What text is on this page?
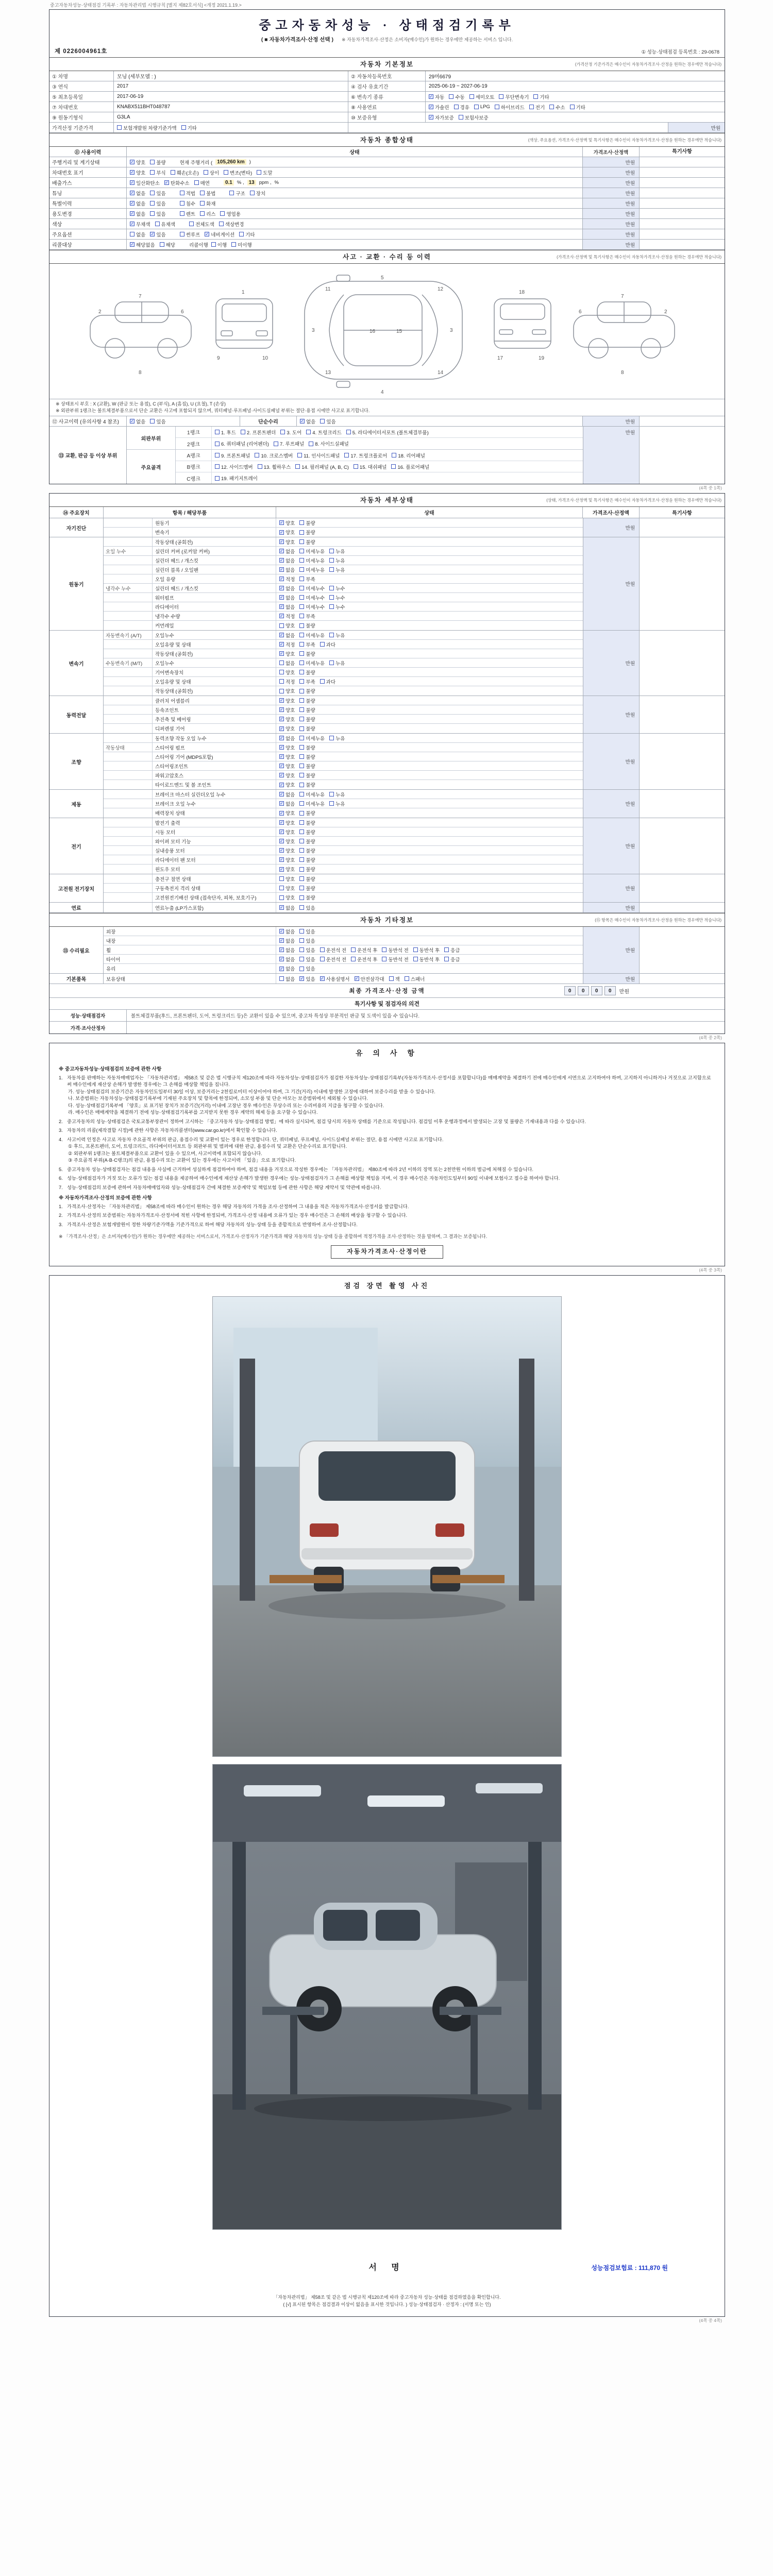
중고자동차성능·상태점검 기록부 : 자동차관리법 시행규칙 [별지 제82호서식] <개정 2021.1.19.>
중고자동차성능 · 상태점검기록부
( ■ 자동차가격조사·산정 선택 ) ※ 자동차가격조사·산정은 소비자(매수인)가 원하는 경우에만 제공하는 서비스 입니다.
제 0226004961호	① 성능·상태점검 등록번호 : 29-0678
자동차 기본정보	(가격산정 기준가격은 매수인이 자동차가격조사·산정을 원하는 경우에만 적습니다)
① 차명	모닝 (세부모델 : )	② 자동차등록번호	29머6679
③ 연식	2017	④ 검사 유효기간	2025-06-19 ~ 2027-06-19
⑤ 최초등록일	2017-06-19	⑥ 변속기 종류	✓ 자동 수동 세미오토 무단변속기 기타
⑦ 차대번호	KNABX511BHT048787	⑧ 사용연료	✓ 가솔린 경유 LPG 하이브리드 전기 수소 기타
⑨ 원동기형식	G3LA	⑩ 보증유형	✓ 자가보증 보험사보증
가격산정 기준가격	보험개발원 차량기준가액 기타	만원
자동차 종합상태	(색상, 주요옵션, 가격조사·산정액 및 특기사항은 매수인이 자동차가격조사·산정을 원하는 경우에만 적습니다)
⑪ 사용이력	상태	가격조사·산정액	특기사항
주행거리 및 계기상태	✓ 양호 불량	현재 주행거리 ( 105,260 km )	만원
차대번호 표기	✓ 양호 부식 훼손(오손) 상이 변조(변타) 도말	만원
배출가스	✓ 일산화탄소 ✓ 탄화수소 매연	0.1 % , 13 ppm , %	만원
튜닝	✓ 없음 있음	적법 불법	구조 장치	만원
특별이력	✓ 없음 있음	침수 화재	만원
용도변경	✓ 없음 있음	렌트 리스 영업용	만원
색상	✓ 무채색 유채색	전체도색 색상변경	만원
주요옵션	없음 ✓ 있음	썬루프 ✓ 네비게이션 기타	만원
리콜대상	✓ 해당없음 해당	리콜이행 이행 미이행	만원
사고 · 교환 · 수리 등 이력	(가격조사·산정액 및 특기사항은 매수인이 자동차가격조사·산정을 원하는 경우에만 적습니다)
7
2	6
8
1
9	10
5
3	3
4
18
17	19
7
6	2
8
16
11	12
13	14
15
※ 상태표시 부호 : X (교환), W (판금 또는 용접), C (부식), A (흠집), U (요철), T (손상)
※ 외판부위 1랭크는 볼트체결부품으로서 단순 교환은 사고에 포함되지 않으며, 쿼터패널·루프패널·사이드실패널 부위는 절단·용접 시에만 사고로 표기합니다.
⑫ 사고이력 (유의사항 4 참조)	✓ 없음 있음	단순수리	✓ 없음 있음	만원
⑬ 교환, 판금 등 이상 부위
외판부위
1랭크	1. 후드 2. 프론트펜더 3. 도어 4. 트렁크리드 5. 라디에이터서포트 (볼트체결부품)
2랭크	6. 쿼터패널 (리어펜더) 7. 루프패널 8. 사이드실패널
주요골격
A랭크	9. 프론트패널 10. 크로스멤버 11. 인사이드패널 17. 트렁크플로어 18. 리어패널
B랭크	12. 사이드멤버 13. 휠하우스 14. 필러패널 (A, B, C) 15. 대쉬패널 16. 플로어패널
C랭크	19. 패키지트레이
만원
(4쪽 중 1쪽)
자동차 세부상태	(상태, 가격조사·산정액 및 특기사항은 매수인이 자동차가격조사·산정을 원하는 경우에만 적습니다)
⑭ 주요장치	항목 / 해당부품	상태	가격조사·산정액	특기사항
자기진단
원동기	✓ 양호 불량
변속기	✓ 양호 불량
만원
원동기
작동상태 (공회전)	✓ 양호 불량
오일 누수	실린더 커버 (로커암 커버)	✓ 없음 미세누유 누유
실린더 헤드 / 개스킷	✓ 없음 미세누유 누유
실린더 블록 / 오일팬	✓ 없음 미세누유 누유
오일 유량	✓ 적정 부족
냉각수 누수	실린더 헤드 / 개스킷	✓ 없음 미세누수 누수
워터펌프	✓ 없음 미세누수 누수
라디에이터	✓ 없음 미세누수 누수
냉각수 수량	✓ 적정 부족
커먼레일	양호 불량
만원
변속기
자동변속기 (A/T)	오일누수	✓ 없음 미세누유 누유
오일유량 및 상태	✓ 적정 부족 과다
작동상태 (공회전)	✓ 양호 불량
수동변속기 (M/T)	오일누수	없음 미세누유 누유
기어변속장치	양호 불량
오일유량 및 상태	적정 부족 과다
작동상태 (공회전)	양호 불량
만원
동력전달
클러치 어셈블리	✓ 양호 불량
등속조인트	✓ 양호 불량
추진축 및 베어링	✓ 양호 불량
디퍼렌셜 기어	✓ 양호 불량
만원
조향
동력조향 작동 오일 누수	✓ 없음 미세누유 누유
작동상태	스티어링 펌프	✓ 양호 불량
스티어링 기어 (MDPS포함)	✓ 양호 불량
스티어링조인트	✓ 양호 불량
파워고압호스	✓ 양호 불량
타이로드엔드 및 볼 조인트	✓ 양호 불량
만원
제동
브레이크 마스터 실린더오일 누수	✓ 없음 미세누유 누유
브레이크 오일 누수	✓ 없음 미세누유 누유
배력장치 상태	✓ 양호 불량
만원
전기
발전기 출력	✓ 양호 불량
시동 모터	✓ 양호 불량
와이퍼 모터 기능	✓ 양호 불량
실내송풍 모터	✓ 양호 불량
라디에이터 팬 모터	✓ 양호 불량
윈도우 모터	✓ 양호 불량
만원
고전원 전기장치
충전구 절연 상태	양호 불량
구동축전지 격리 상태	양호 불량
고전원전기배선 상태 (접속단자, 피복, 보호기구)	양호 불량
만원
연료	연료누출 (LP가스포함)	✓ 없음 있음	만원
자동차 기타정보	(⑮ 항목은 매수인이 자동차가격조사·산정을 원하는 경우에만 적습니다)
⑮ 수리필요
외장	✓ 없음 있음
내장	✓ 없음 있음
휠	✓ 없음 있음 운전석 전 운전석 후 동반석 전 동반석 후 응급
타이어	✓ 없음 있음 운전석 전 운전석 후 동반석 전 동반석 후 응급
유리	✓ 없음 있음
만원
기본품목	보유상태	없음 ✓ 있음 ✓ 사용설명서 ✓ 안전삼각대 잭 스패너	만원
최종 가격조사·산정 금액	0	0	0	0	만원
특기사항 및 점검자의 의견
성능·상태점검자	볼트체결부품(후드, 프론트펜더, 도어, 트렁크리드 등)은 교환이 있을 수 있으며, 중고차 특성상 부분적인 판금 및 도색이 있을 수 있습니다.
가격·조사산정자
(4쪽 중 2쪽)
유 의 사 항
※ 중고자동차성능·상태점검의 보증에 관한 사항
1. 자동차를 판매하는 자동차매매업자는 「자동차관리법」 제58조 및 같은 법 시행규칙 제120조에 따라 자동차성능·상태점검자가 점검한 자동차성능·상태점검기록부(자동차가격조사·산정서를 포함합니다)를 매매계약을 체결하기 전에 매수인에게 서면으로 고지하여야 하며, 고지하지 아니하거나 거짓으로 고지함으로써 매수인에게 재산상 손해가 발생한 경우에는 그 손해를 배상할 책임을 집니다.
가. 성능·상태점검의 보증기간은 자동차인도일부터 30일 이상, 보증거리는 2천킬로미터 이상이어야 하며, 그 기간(거리) 이내에 발생한 고장에 대하여 보증수리를 받을 수 있습니다.
나. 보증범위는 자동차성능·상태점검기록부에 기재된 주요장치 및 항목에 한정되며, 소모성 부품 및 단순 마모는 보증범위에서 제외될 수 있습니다.
다. 성능·상태점검기록부에 「양호」로 표기된 장치가 보증기간(거리) 이내에 고장난 경우 매수인은 무상수리 또는 수리비용의 지급을 청구할 수 있습니다.
라. 매수인은 매매계약을 체결하기 전에 성능·상태점검기록부를 고지받지 못한 경우 계약의 해제 등을 요구할 수 있습니다.
2. 중고자동차의 성능·상태점검은 국토교통부장관이 정하여 고시하는 「중고자동차 성능·상태점검 방법」에 따라 실시되며, 점검 당시의 자동차 상태를 기준으로 작성됩니다. 점검일 이후 운행과정에서 발생되는 고장 및 불량은 기재내용과 다를 수 있습니다.
3. 자동차의 리콜(제작결함 시정)에 관한 사항은 자동차리콜센터(www.car.go.kr)에서 확인할 수 있습니다.
4. 사고이력 인정은 사고로 자동차 주요골격 부위의 판금, 용접수리 및 교환이 있는 경우로 한정합니다. 단, 쿼터패널, 루프패널, 사이드실패널 부위는 절단, 용접 시에만 사고로 표기합니다.
① 후드, 프론트펜더, 도어, 트렁크리드, 라디에이터서포트 등 외판부위 및 범퍼에 대한 판금, 용접수리 및 교환은 단순수리로 표기합니다.
② 외판부위 1랭크는 볼트체결부품으로 교환이 있을 수 있으며, 사고이력에 포함되지 않습니다.
③ 주요골격 부위(A·B·C랭크)의 판금, 용접수리 또는 교환이 있는 경우에는 사고이력 「있음」으로 표기합니다.
5. 중고자동차 성능·상태점검자는 점검 내용을 사실에 근거하여 성실하게 점검하여야 하며, 점검 내용을 거짓으로 작성한 경우에는 「자동차관리법」 제80조에 따라 2년 이하의 징역 또는 2천만원 이하의 벌금에 처해질 수 있습니다.
6. 성능·상태점검자가 거짓 또는 오류가 있는 점검 내용을 제공하여 매수인에게 재산상 손해가 발생한 경우에는 성능·상태점검자가 그 손해를 배상할 책임을 지며, 이 경우 매수인은 자동차인도일부터 90일 이내에 보험사고 접수를 하여야 합니다.
7. 성능·상태점검의 보증에 관하여 자동차매매업자와 성능·상태점검자 간에 체결한 보증계약 및 책임보험 등에 관한 사항은 해당 계약서 및 약관에 따릅니다.
※ 자동차가격조사·산정의 보증에 관한 사항
1. 가격조사·산정자는 「자동차관리법」 제58조에 따라 매수인이 원하는 경우 해당 자동차의 가격을 조사·산정하여 그 내용을 적은 자동차가격조사·산정서를 발급합니다.
2. 가격조사·산정의 보증범위는 자동차가격조사·산정서에 적힌 사항에 한정되며, 가격조사·산정 내용에 오류가 있는 경우 매수인은 그 손해의 배상을 청구할 수 있습니다.
3. 가격조사·산정은 보험개발원이 정한 차량기준가액을 기준가격으로 하여 해당 자동차의 성능·상태 등을 종합적으로 반영하여 조사·산정합니다.
※ 「가격조사·산정」은 소비자(매수인)가 원하는 경우에만 제공하는 서비스로서, 가격조사·산정자가 기준가격과 해당 자동차의 성능·상태 등을 종합하여 적정가격을 조사·산정하는 것을 말하며, 그 결과는 보증됩니다.
자동차가격조사·산정이란
(4쪽 중 3쪽)
점검 장면 촬영 사진
서 명	성능점검보험료 : 111,870 원
「자동차관리법」 제58조 및 같은 법 시행규칙 제120조에 따라 중고자동차 성능·상태를 점검하였음을 확인합니다.
( [√] 표시된 항목은 점검결과 이상이 없음을 표시한 것입니다. ) 성능·상태점검자 · 산정자 : (서명 또는 인)
(4쪽 중 4쪽)
